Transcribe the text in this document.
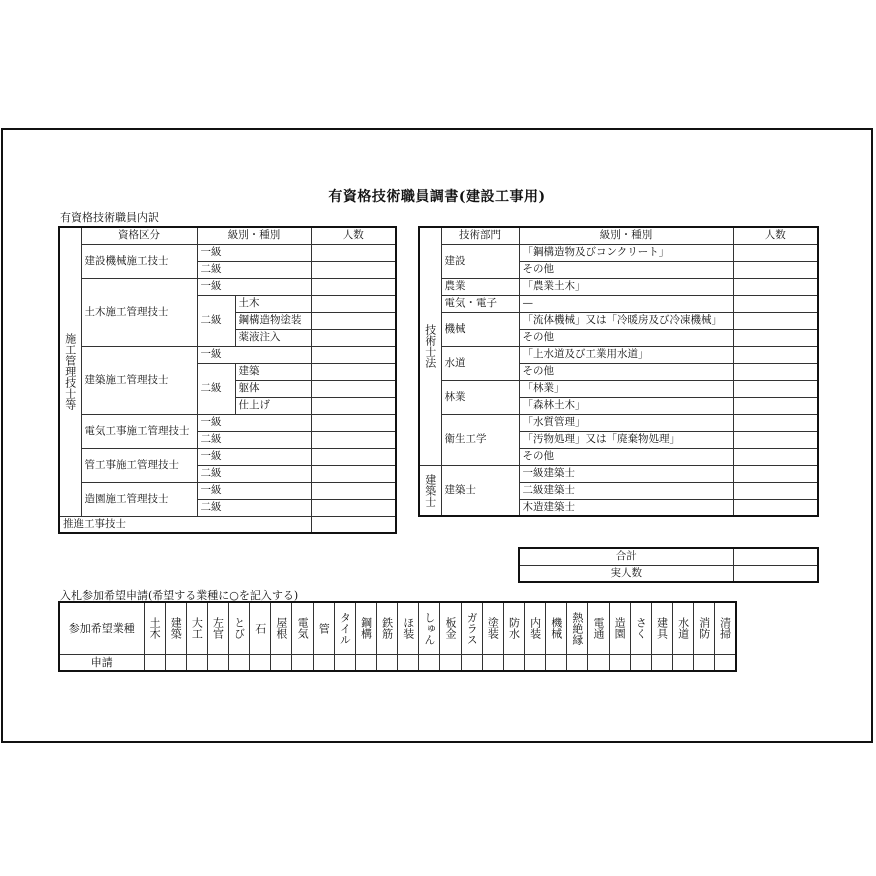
有資格技術職員調書(建設工事用)
有資格技術職員内訳
施工管理技士等	資格区分	級別・種別		人数
	建設機械施工技士	一級		
		二級		
	土木施工管理技士	一級		
		二級	土木	
			鋼構造物塗装	
			薬液注入	
	建築施工管理技士	一級		
		二級	建築	
			躯体	
			仕上げ	
	電気工事施工管理技士	一級		
		二級		
	管工事施工管理技士	一級		
		二級		
	造園施工管理技士	一級		
		二級		
推進工事技士				
技術士法	技術部門	級別・種別	人数
	建設	「鋼構造物及びコンクリート」	
		その他	
	農業	「農業土木」	
	電気・電子	—	
	機械	「流体機械」又は「冷暖房及び冷凍機械」	
		その他	
	水道	「上水道及び工業用水道」	
		その他	
	林業	「林業」	
		「森林土木」	
	衛生工学	「水質管理」	
		「汚物処理」又は「廃棄物処理」	
		その他	
建築士	建築士	一級建築士	
		二級建築士	
		木造建築士	
合計	
実人数	
入札参加希望申請(希望する業種に○を記入する)
参加希望業種	土木	建築	大工	左官	とび	石	屋根	電気	管	タイル	鋼構	鉄筋	ほ装	しゅん	板金	ガラス	塗装	防水	内装	機械	熱絶縁	電通	造園	さく	建具	水道	消防	清掃
申請																												
